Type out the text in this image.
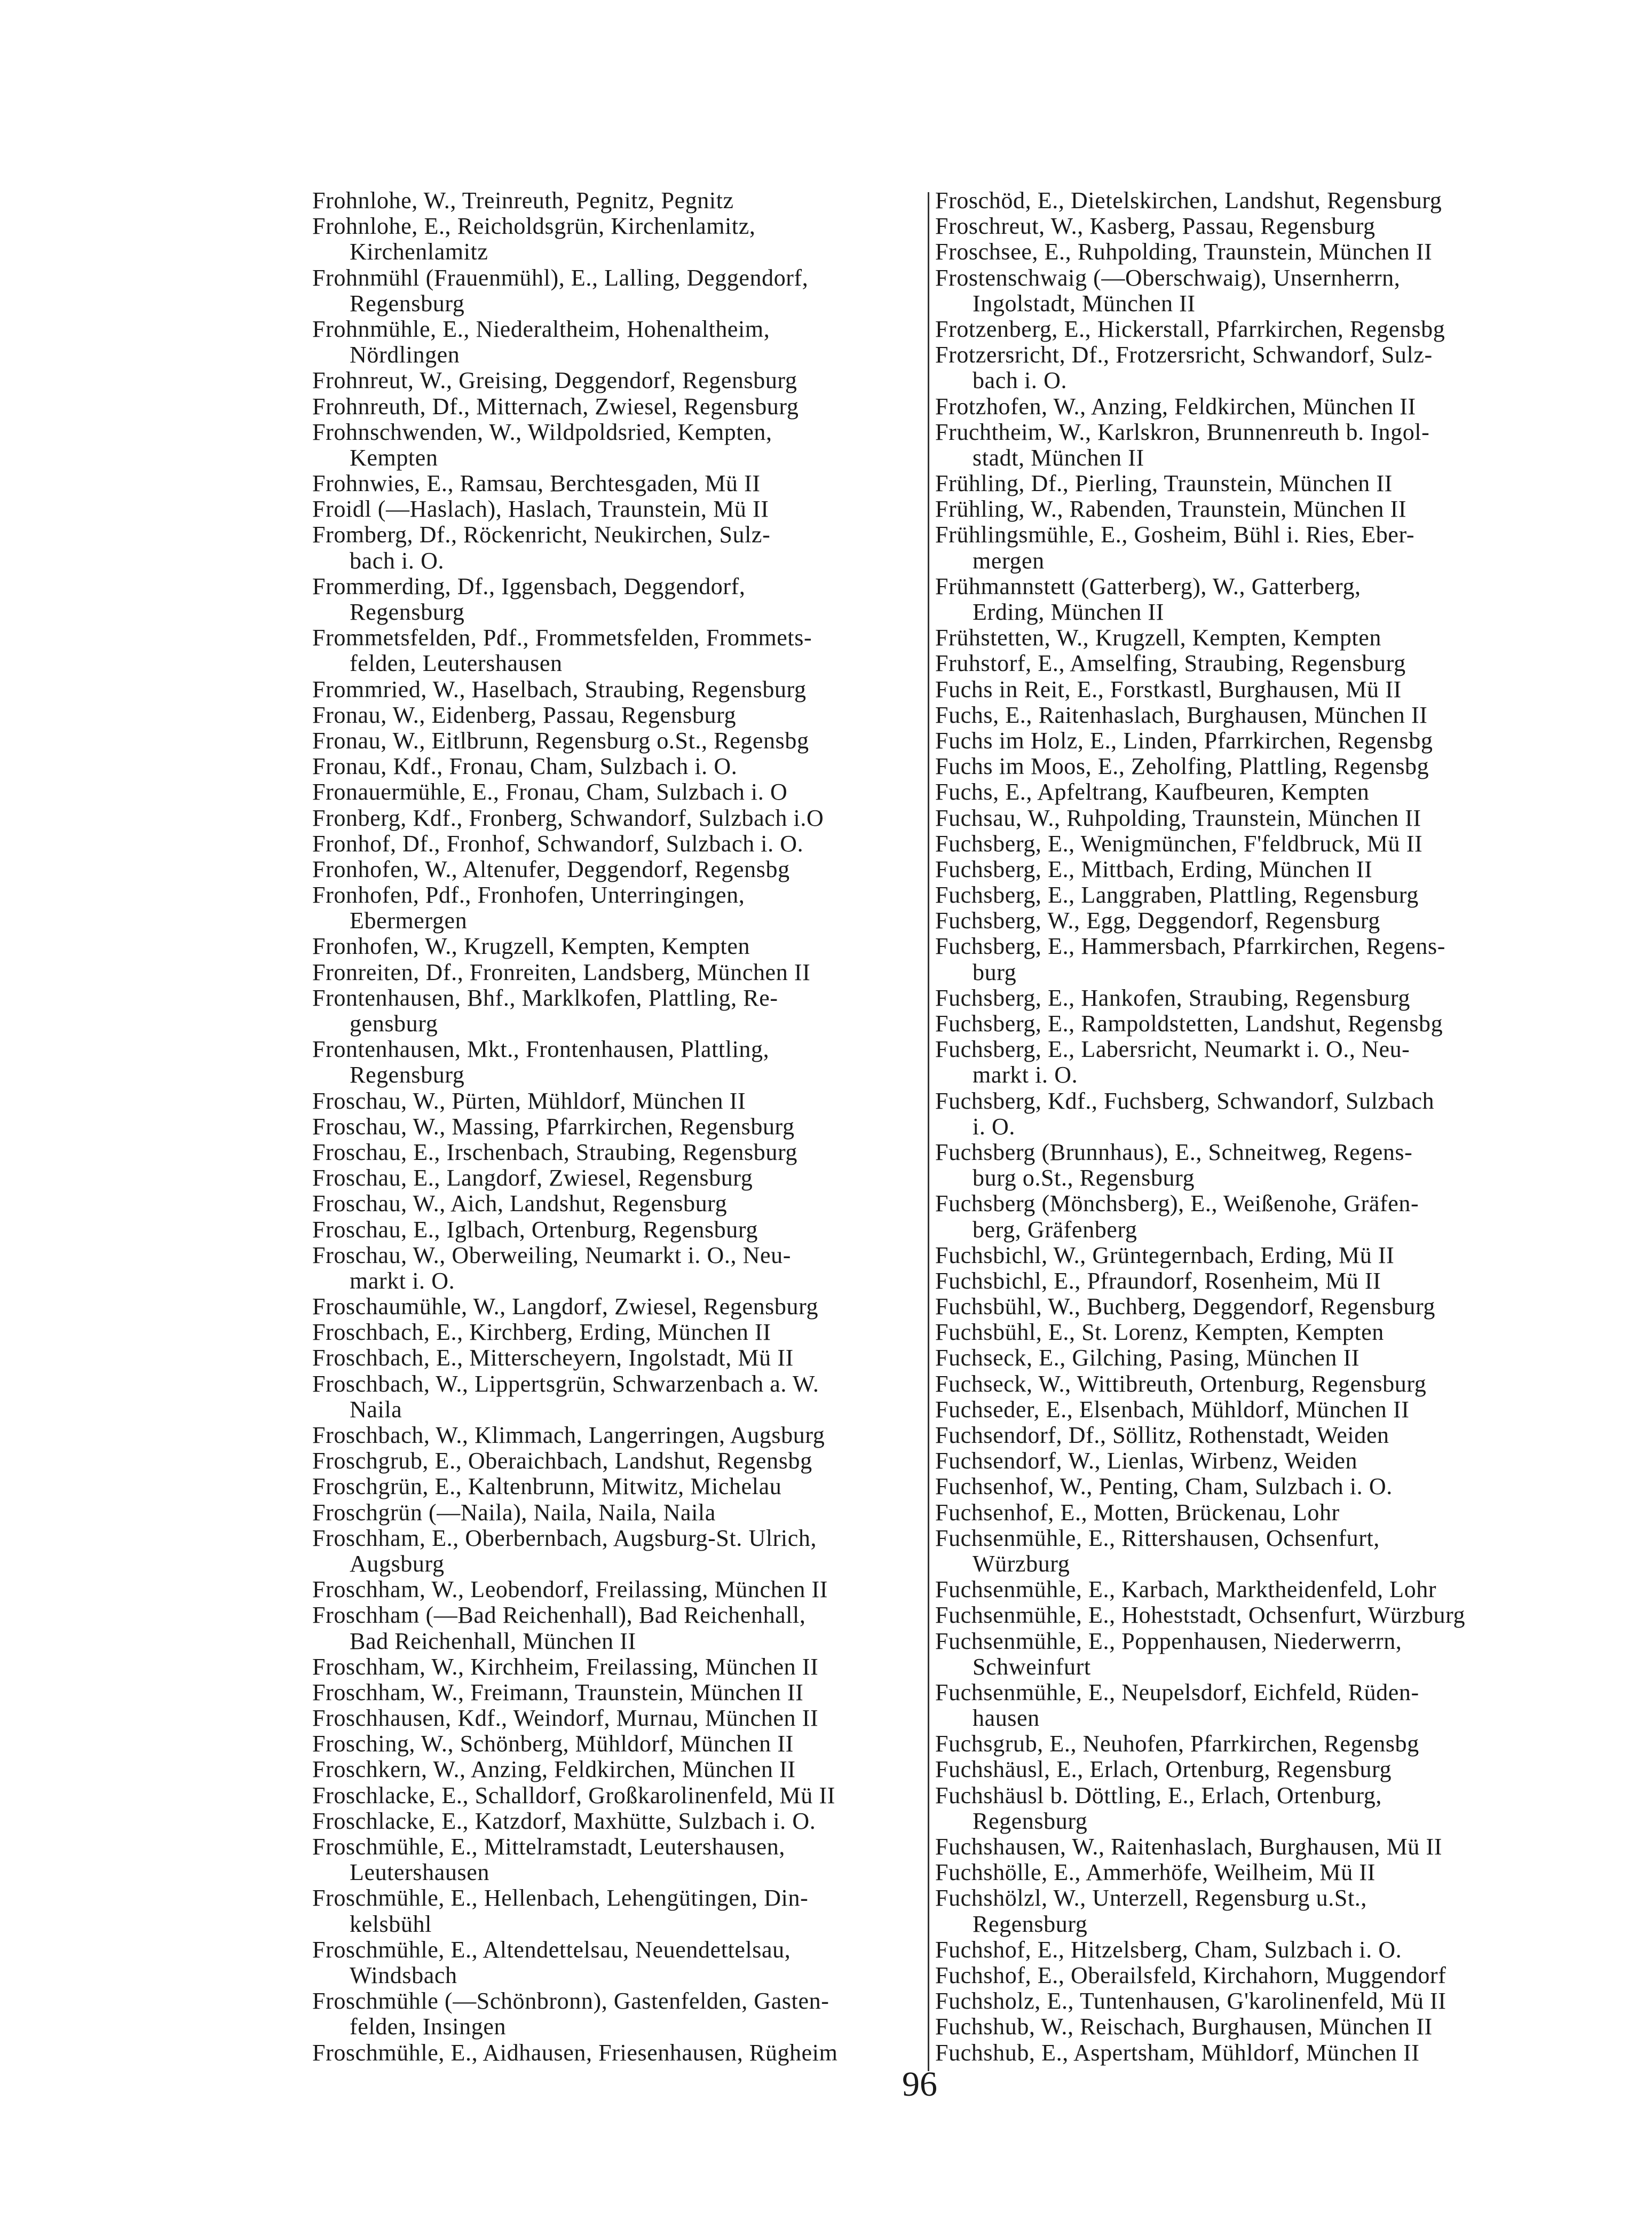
Frohnlohe, W., Treinreuth, Pegnitz, Pegnitz
Frohnlohe, E., Reicholdsgrün, Kirchenlamitz,
Kirchenlamitz
Frohnmühl (Frauenmühl), E., Lalling, Deggendorf,
Regensburg
Frohnmühle, E., Niederaltheim, Hohenaltheim,
Nördlingen
Frohnreut, W., Greising, Deggendorf, Regensburg
Frohnreuth, Df., Mitternach, Zwiesel, Regensburg
Frohnschwenden, W., Wildpoldsried, Kempten,
Kempten
Frohnwies, E., Ramsau, Berchtesgaden, Mü II
Froidl (—Haslach), Haslach, Traunstein, Mü II
Fromberg, Df., Röckenricht, Neukirchen, Sulz-
bach i. O.
Frommerding, Df., Iggensbach, Deggendorf,
Regensburg
Frommetsfelden, Pdf., Frommetsfelden, Frommets-
felden, Leutershausen
Frommried, W., Haselbach, Straubing, Regensburg
Fronau, W., Eidenberg, Passau, Regensburg
Fronau, W., Eitlbrunn, Regensburg o.St., Regensbg
Fronau, Kdf., Fronau, Cham, Sulzbach i. O.
Fronauermühle, E., Fronau, Cham, Sulzbach i. O
Fronberg, Kdf., Fronberg, Schwandorf, Sulzbach i.O
Fronhof, Df., Fronhof, Schwandorf, Sulzbach i. O.
Fronhofen, W., Altenufer, Deggendorf, Regensbg
Fronhofen, Pdf., Fronhofen, Unterringingen,
Ebermergen
Fronhofen, W., Krugzell, Kempten, Kempten
Fronreiten, Df., Fronreiten, Landsberg, München II
Frontenhausen, Bhf., Marklkofen, Plattling, Re-
gensburg
Frontenhausen, Mkt., Frontenhausen, Plattling,
Regensburg
Froschau, W., Pürten, Mühldorf, München II
Froschau, W., Massing, Pfarrkirchen, Regensburg
Froschau, E., Irschenbach, Straubing, Regensburg
Froschau, E., Langdorf, Zwiesel, Regensburg
Froschau, W., Aich, Landshut, Regensburg
Froschau, E., Iglbach, Ortenburg, Regensburg
Froschau, W., Oberweiling, Neumarkt i. O., Neu-
markt i. O.
Froschaumühle, W., Langdorf, Zwiesel, Regensburg
Froschbach, E., Kirchberg, Erding, München II
Froschbach, E., Mitterscheyern, Ingolstadt, Mü II
Froschbach, W., Lippertsgrün, Schwarzenbach a. W.
Naila
Froschbach, W., Klimmach, Langerringen, Augsburg
Froschgrub, E., Oberaichbach, Landshut, Regensbg
Froschgrün, E., Kaltenbrunn, Mitwitz, Michelau
Froschgrün (—Naila), Naila, Naila, Naila
Froschham, E., Oberbernbach, Augsburg-St. Ulrich,
Augsburg
Froschham, W., Leobendorf, Freilassing, München II
Froschham (—Bad Reichenhall), Bad Reichenhall,
Bad Reichenhall, München II
Froschham, W., Kirchheim, Freilassing, München II
Froschham, W., Freimann, Traunstein, München II
Froschhausen, Kdf., Weindorf, Murnau, München II
Frosching, W., Schönberg, Mühldorf, München II
Froschkern, W., Anzing, Feldkirchen, München II
Froschlacke, E., Schalldorf, Großkarolinenfeld, Mü II
Froschlacke, E., Katzdorf, Maxhütte, Sulzbach i. O.
Froschmühle, E., Mittelramstadt, Leutershausen,
Leutershausen
Froschmühle, E., Hellenbach, Lehengütingen, Din-
kelsbühl
Froschmühle, E., Altendettelsau, Neuendettelsau,
Windsbach
Froschmühle (—Schönbronn), Gastenfelden, Gasten-
felden, Insingen
Froschmühle, E., Aidhausen, Friesenhausen, Rügheim
Froschöd, E., Dietelskirchen, Landshut, Regensburg
Froschreut, W., Kasberg, Passau, Regensburg
Froschsee, E., Ruhpolding, Traunstein, München II
Frostenschwaig (—Oberschwaig), Unsernherrn,
Ingolstadt, München II
Frotzenberg, E., Hickerstall, Pfarrkirchen, Regensbg
Frotzersricht, Df., Frotzersricht, Schwandorf, Sulz-
bach i. O.
Frotzhofen, W., Anzing, Feldkirchen, München II
Fruchtheim, W., Karlskron, Brunnenreuth b. Ingol-
stadt, München II
Frühling, Df., Pierling, Traunstein, München II
Frühling, W., Rabenden, Traunstein, München II
Frühlingsmühle, E., Gosheim, Bühl i. Ries, Eber-
mergen
Frühmannstett (Gatterberg), W., Gatterberg,
Erding, München II
Frühstetten, W., Krugzell, Kempten, Kempten
Fruhstorf, E., Amselfing, Straubing, Regensburg
Fuchs in Reit, E., Forstkastl, Burghausen, Mü II
Fuchs, E., Raitenhaslach, Burghausen, München II
Fuchs im Holz, E., Linden, Pfarrkirchen, Regensbg
Fuchs im Moos, E., Zeholfing, Plattling, Regensbg
Fuchs, E., Apfeltrang, Kaufbeuren, Kempten
Fuchsau, W., Ruhpolding, Traunstein, München II
Fuchsberg, E., Wenigmünchen, F'feldbruck, Mü II
Fuchsberg, E., Mittbach, Erding, München II
Fuchsberg, E., Langgraben, Plattling, Regensburg
Fuchsberg, W., Egg, Deggendorf, Regensburg
Fuchsberg, E., Hammersbach, Pfarrkirchen, Regens-
burg
Fuchsberg, E., Hankofen, Straubing, Regensburg
Fuchsberg, E., Rampoldstetten, Landshut, Regensbg
Fuchsberg, E., Labersricht, Neumarkt i. O., Neu-
markt i. O.
Fuchsberg, Kdf., Fuchsberg, Schwandorf, Sulzbach
i. O.
Fuchsberg (Brunnhaus), E., Schneitweg, Regens-
burg o.St., Regensburg
Fuchsberg (Mönchsberg), E., Weißenohe, Gräfen-
berg, Gräfenberg
Fuchsbichl, W., Grüntegernbach, Erding, Mü II
Fuchsbichl, E., Pfraundorf, Rosenheim, Mü II
Fuchsbühl, W., Buchberg, Deggendorf, Regensburg
Fuchsbühl, E., St. Lorenz, Kempten, Kempten
Fuchseck, E., Gilching, Pasing, München II
Fuchseck, W., Wittibreuth, Ortenburg, Regensburg
Fuchseder, E., Elsenbach, Mühldorf, München II
Fuchsendorf, Df., Söllitz, Rothenstadt, Weiden
Fuchsendorf, W., Lienlas, Wirbenz, Weiden
Fuchsenhof, W., Penting, Cham, Sulzbach i. O.
Fuchsenhof, E., Motten, Brückenau, Lohr
Fuchsenmühle, E., Rittershausen, Ochsenfurt,
Würzburg
Fuchsenmühle, E., Karbach, Marktheidenfeld, Lohr
Fuchsenmühle, E., Hoheststadt, Ochsenfurt, Würzburg
Fuchsenmühle, E., Poppenhausen, Niederwerrn,
Schweinfurt
Fuchsenmühle, E., Neupelsdorf, Eichfeld, Rüden-
hausen
Fuchsgrub, E., Neuhofen, Pfarrkirchen, Regensbg
Fuchshäusl, E., Erlach, Ortenburg, Regensburg
Fuchshäusl b. Döttling, E., Erlach, Ortenburg,
Regensburg
Fuchshausen, W., Raitenhaslach, Burghausen, Mü II
Fuchshölle, E., Ammerhöfe, Weilheim, Mü II
Fuchshölzl, W., Unterzell, Regensburg u.St.,
Regensburg
Fuchshof, E., Hitzelsberg, Cham, Sulzbach i. O.
Fuchshof, E., Oberailsfeld, Kirchahorn, Muggendorf
Fuchsholz, E., Tuntenhausen, G'karolinenfeld, Mü II
Fuchshub, W., Reischach, Burghausen, München II
Fuchshub, E., Aspertsham, Mühldorf, München II
96
